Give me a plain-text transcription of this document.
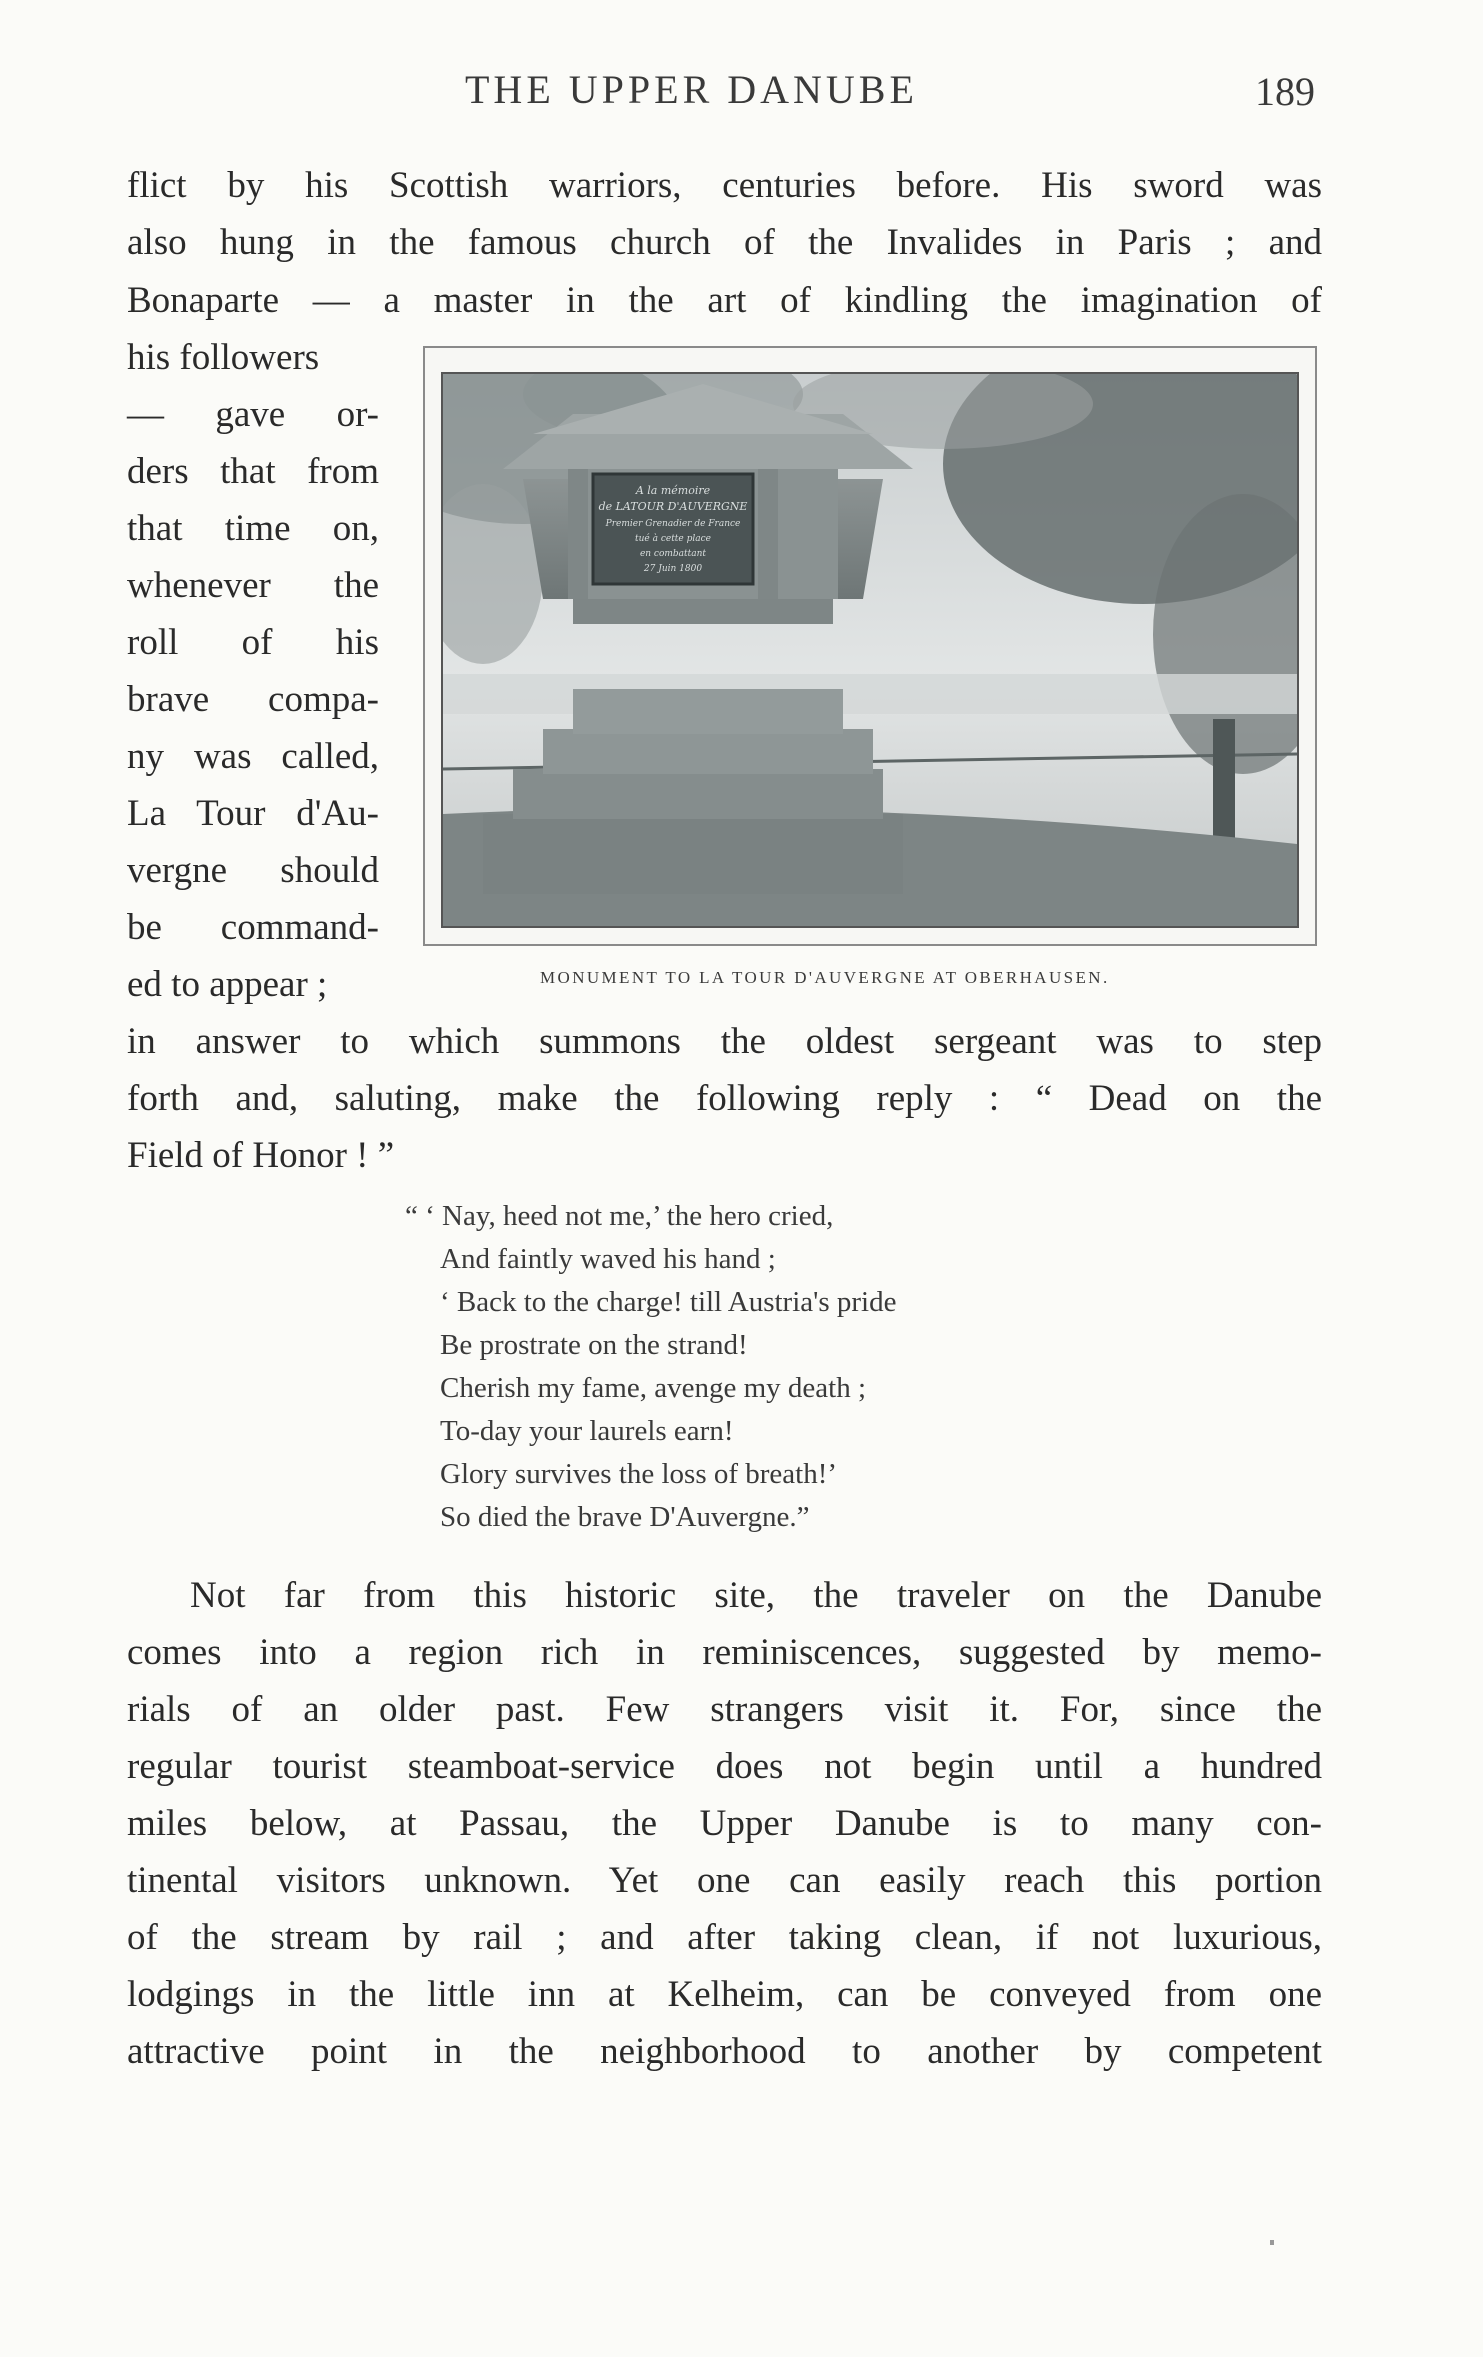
THE UPPER DANUBE	189
flict by his Scottish warriors, centuries before. His sword was
also hung in the famous church of the Invalides in Paris ; and
Bonaparte — a master in the art of kindling the imagination of
his followers
— gave or-
ders that from
that time on,
whenever the
roll of his
brave compa-
ny was called,
La Tour d'Au-
vergne should
be command-
ed to appear ;
A la mémoire
de LATOUR D'AUVERGNE
Premier Grenadier de France
tué à cette place
en combattant
27 Juin 1800
MONUMENT TO LA TOUR D'AUVERGNE AT OBERHAUSEN.
in answer to which summons the oldest sergeant was to step
forth and, saluting, make the following reply : “ Dead on the
Field of Honor ! ”
“ ‘ Nay, heed not me,’ the hero cried,
And faintly waved his hand ;
‘ Back to the charge! till Austria's pride
Be prostrate on the strand!
Cherish my fame, avenge my death ;
To-day your laurels earn!
Glory survives the loss of breath!’
So died the brave D'Auvergne.”
Not far from this historic site, the traveler on the Danube
comes into a region rich in reminiscences, suggested by memo-
rials of an older past. Few strangers visit it. For, since the
regular tourist steamboat-service does not begin until a hundred
miles below, at Passau, the Upper Danube is to many con-
tinental visitors unknown. Yet one can easily reach this portion
of the stream by rail ; and after taking clean, if not luxurious,
lodgings in the little inn at Kelheim, can be conveyed from one
attractive point in the neighborhood to another by competent
